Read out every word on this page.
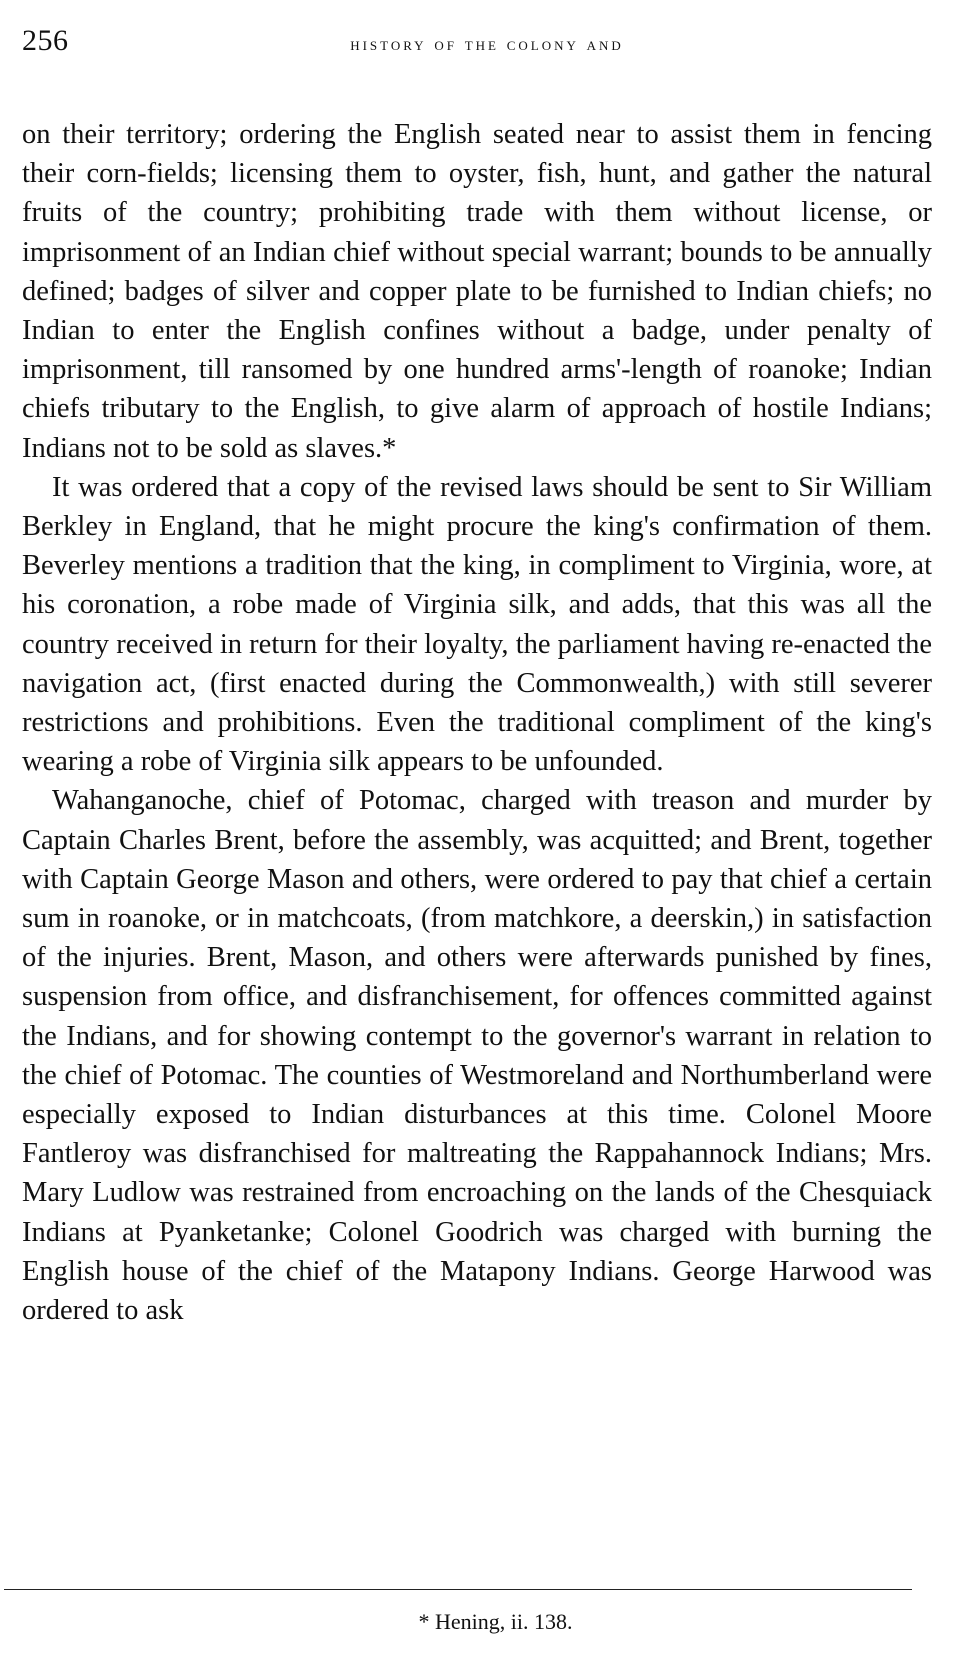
256	history of the colony and

on their territory; ordering the English seated near to assist them in fencing their corn-fields; licensing them to oyster, fish, hunt, and gather the natural fruits of the country; prohibiting trade with them without license, or imprisonment of an Indian chief without special warrant; bounds to be annually defined; badges of silver and copper plate to be furnished to Indian chiefs; no Indian to enter the English confines without a badge, under penalty of imprisonment, till ransomed by one hundred arms'-length of roanoke; Indian chiefs tributary to the English, to give alarm of approach of hostile Indians; Indians not to be sold as slaves.*

It was ordered that a copy of the revised laws should be sent to Sir William Berkley in England, that he might procure the king's confirmation of them. Beverley mentions a tradition that the king, in compliment to Virginia, wore, at his coronation, a robe made of Virginia silk, and adds, that this was all the country received in return for their loyalty, the parliament having re-enacted the navigation act, (first enacted during the Commonwealth,) with still severer restrictions and prohibitions. Even the traditional compliment of the king's wearing a robe of Virginia silk appears to be unfounded.

Wahanganoche, chief of Potomac, charged with treason and murder by Captain Charles Brent, before the assembly, was acquitted; and Brent, together with Captain George Mason and others, were ordered to pay that chief a certain sum in roanoke, or in matchcoats, (from matchkore, a deerskin,) in satisfaction of the injuries. Brent, Mason, and others were afterwards punished by fines, suspension from office, and disfranchisement, for offences committed against the Indians, and for showing contempt to the governor's warrant in relation to the chief of Potomac. The counties of Westmoreland and Northumberland were especially exposed to Indian disturbances at this time. Colonel Moore Fantleroy was disfranchised for maltreating the Rappahannock Indians; Mrs. Mary Ludlow was restrained from encroaching on the lands of the Chesquiack Indians at Pyanketanke; Colonel Goodrich was charged with burning the English house of the chief of the Matapony Indians. George Harwood was ordered to ask

* Hening, ii. 138.
